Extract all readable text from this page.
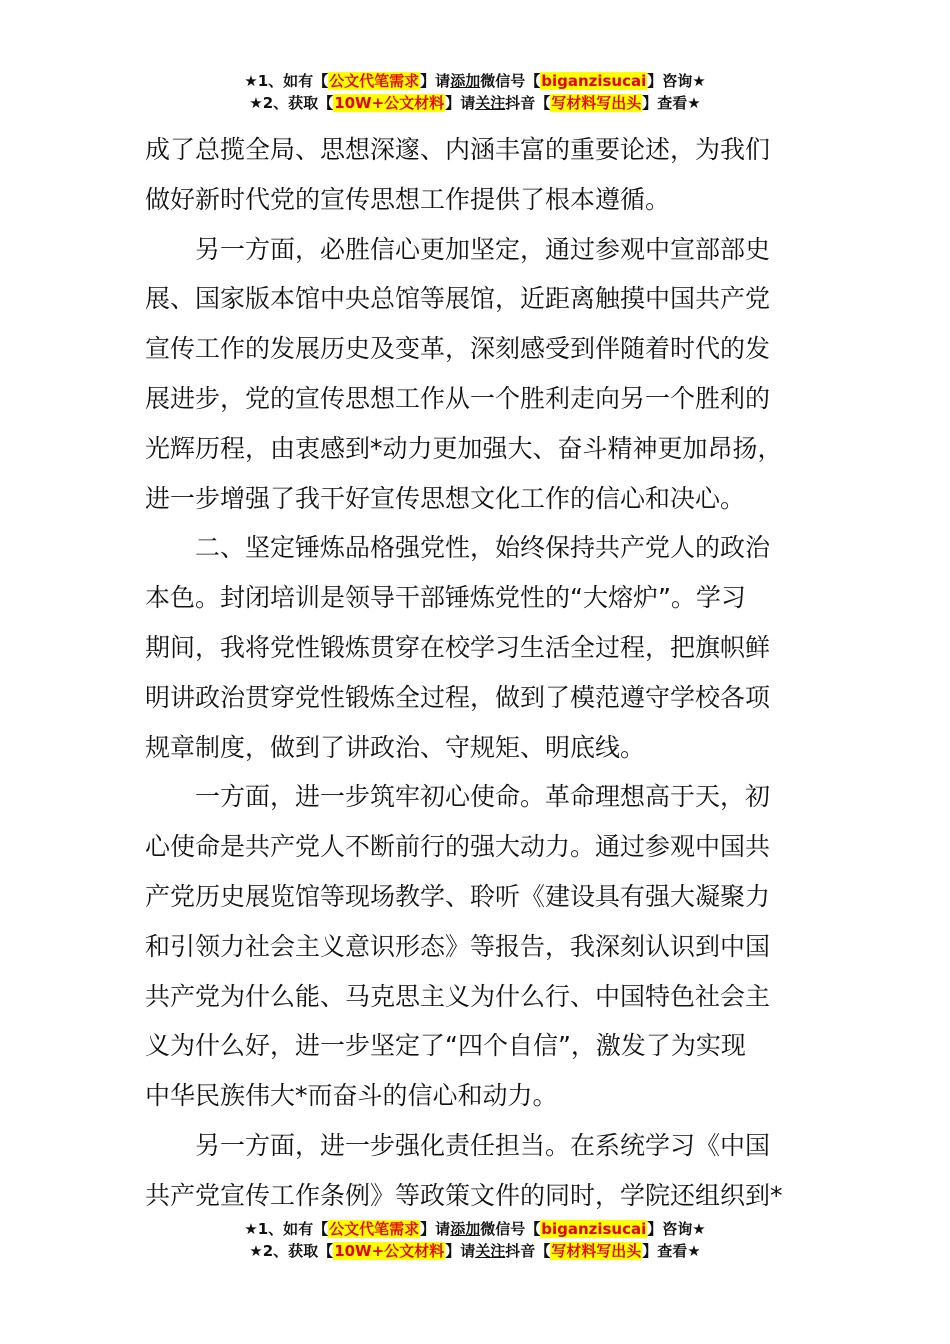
★1、如有【公文代笔需求】请添加微信号【biganzisucai】咨询★
★2、获取【10W+公文材料】请关注抖音【写材料写出头】查看★
成了总揽全局、思想深邃、内涵丰富的重要论述，为我们
做好新时代党的宣传思想工作提供了根本遵循。
另一方面，必胜信心更加坚定，通过参观中宣部部史
展、国家版本馆中央总馆等展馆，近距离触摸中国共产党
宣传工作的发展历史及变革，深刻感受到伴随着时代的发
展进步，党的宣传思想工作从一个胜利走向另一个胜利的
光辉历程，由衷感到*动力更加强大、奋斗精神更加昂扬，
进一步增强了我干好宣传思想文化工作的信心和决心。
二、坚定锤炼品格强党性，始终保持共产党人的政治
本色。封闭培训是领导干部锤炼党性的“大熔炉”。学习
期间，我将党性锻炼贯穿在校学习生活全过程，把旗帜鲜
明讲政治贯穿党性锻炼全过程，做到了模范遵守学校各项
规章制度，做到了讲政治、守规矩、明底线。
一方面，进一步筑牢初心使命。革命理想高于天，初
心使命是共产党人不断前行的强大动力。通过参观中国共
产党历史展览馆等现场教学、聆听《建设具有强大凝聚力
和引领力社会主义意识形态》等报告，我深刻认识到中国
共产党为什么能、马克思主义为什么行、中国特色社会主
义为什么好，进一步坚定了“四个自信”，激发了为实现
中华民族伟大*而奋斗的信心和动力。
另一方面，进一步强化责任担当。在系统学习《中国
共产党宣传工作条例》等政策文件的同时，学院还组织到*
★1、如有【公文代笔需求】请添加微信号【biganzisucai】咨询★
★2、获取【10W+公文材料】请关注抖音【写材料写出头】查看★
